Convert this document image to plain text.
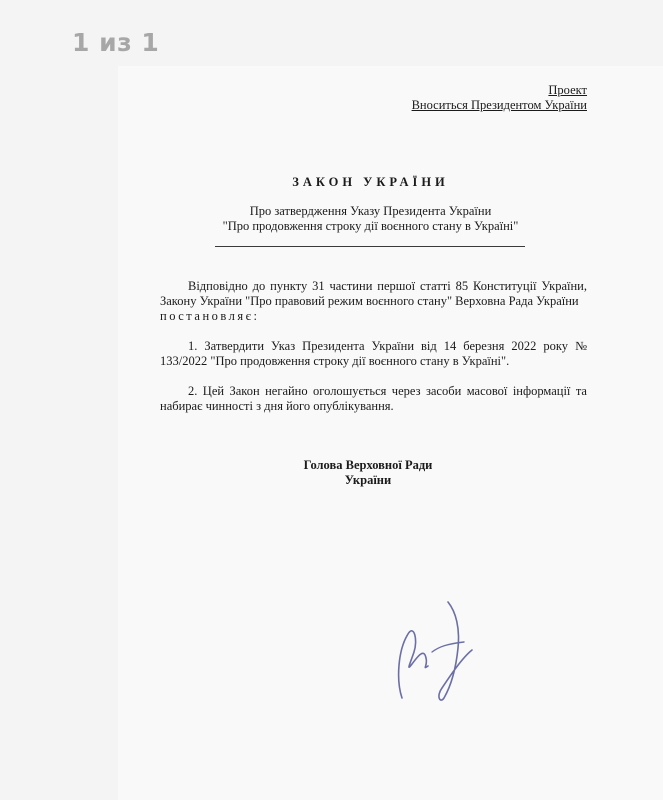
1 из 1
Проект
Вноситься Президентом України
ЗАКОН УКРАЇНИ
Про затвердження Указу Президента України
"Про продовження строку дії воєнного стану в Україні"
Відповідно до пункту 31 частини першої статті 85 Конституції України, Закону України "Про правовий режим воєнного стану" Верховна Рада України
постановляє:
1. Затвердити Указ Президента України від 14 березня 2022 року № 133/2022 "Про продовження строку дії воєнного стану в Україні".
2. Цей Закон негайно оголошується через засоби масової інформації та набирає чинності з дня його опублікування.
Голова Верховної Ради
України
